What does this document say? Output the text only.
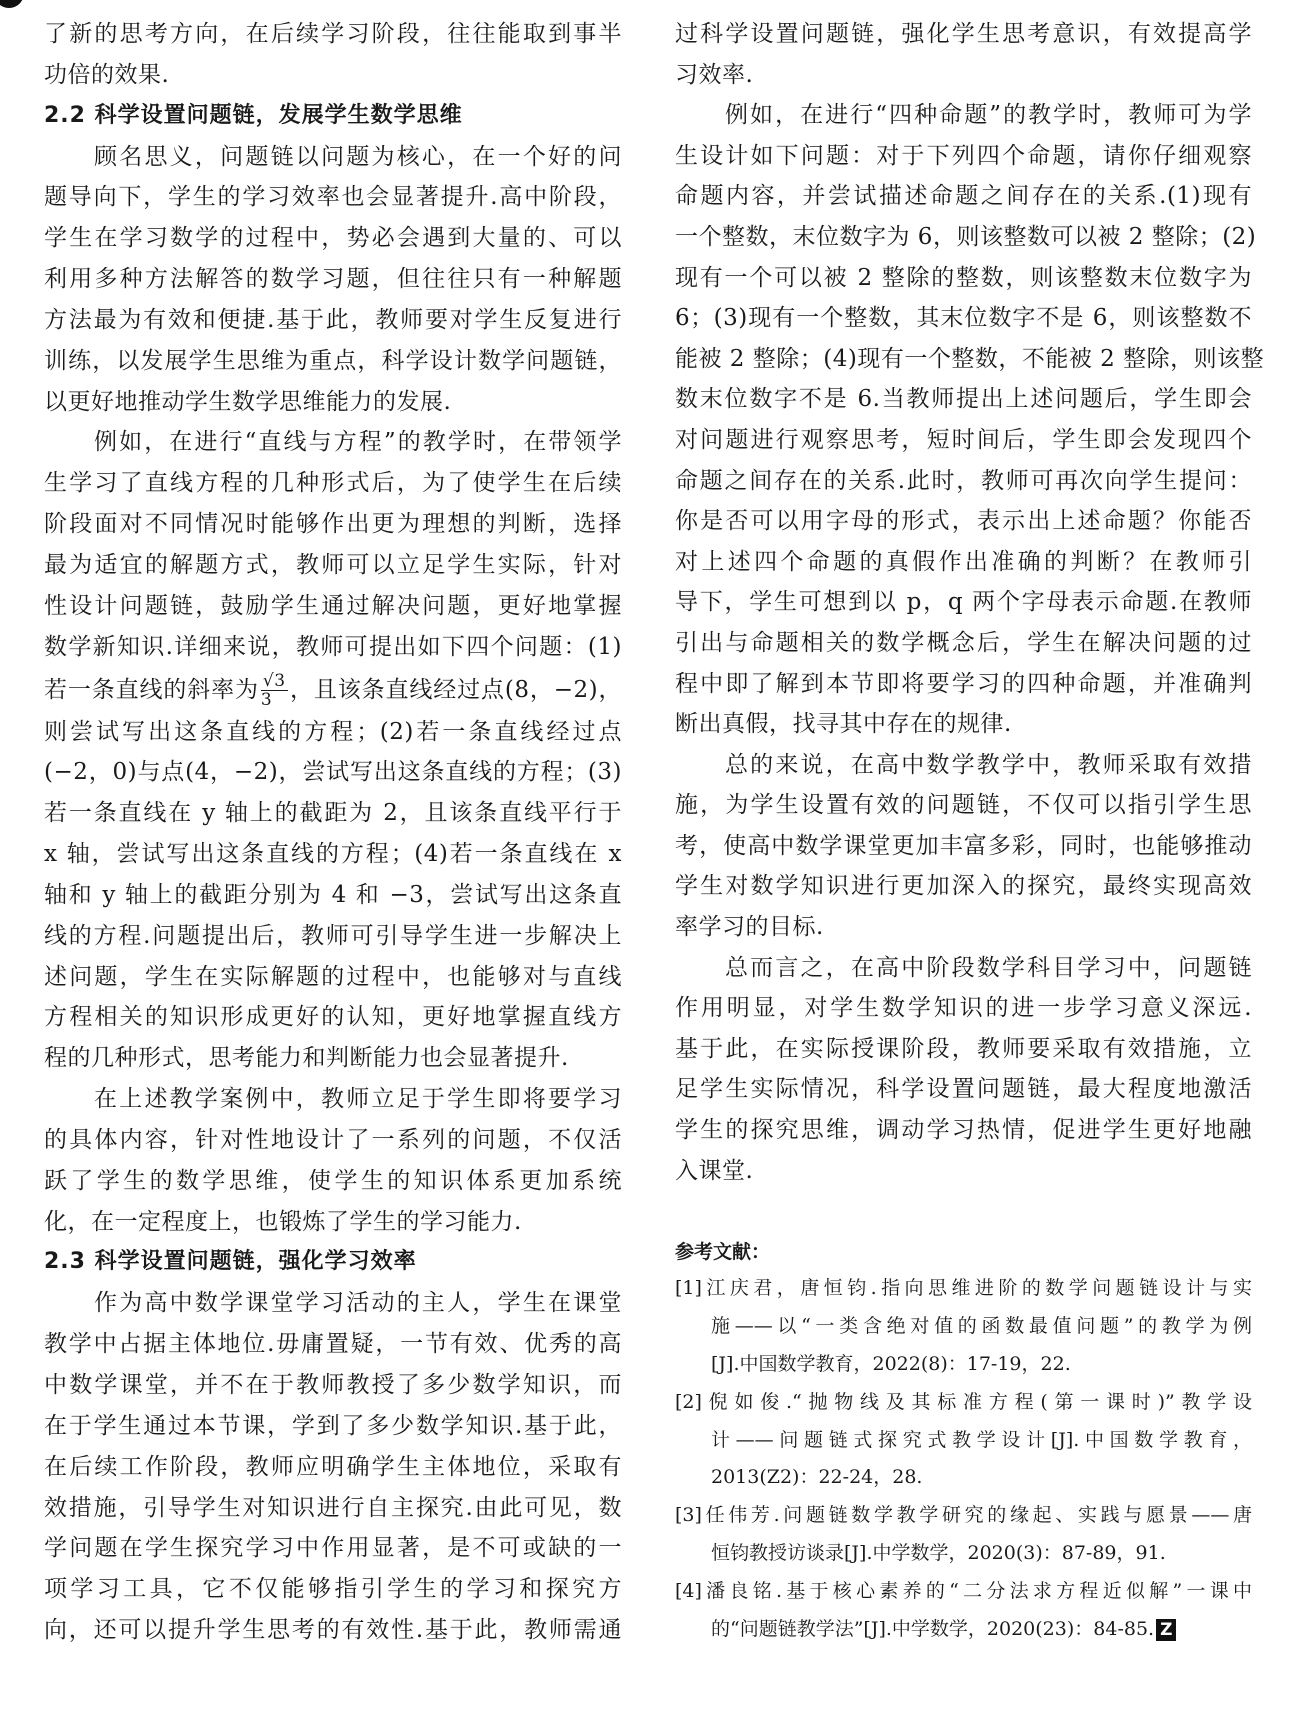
了新的思考方向，在后续学习阶段，往往能取到事半
功倍的效果.
2.2 科学设置问题链，发展学生数学思维
顾名思义，问题链以问题为核心，在一个好的问
题导向下，学生的学习效率也会显著提升.高中阶段，
学生在学习数学的过程中，势必会遇到大量的、可以
利用多种方法解答的数学习题，但往往只有一种解题
方法最为有效和便捷.基于此，教师要对学生反复进行
训练，以发展学生思维为重点，科学设计数学问题链，
以更好地推动学生数学思维能力的发展.
例如，在进行“直线与方程”的教学时，在带领学
生学习了直线方程的几种形式后，为了使学生在后续
阶段面对不同情况时能够作出更为理想的判断，选择
最为适宜的解题方式，教师可以立足学生实际，针对
性设计问题链，鼓励学生通过解决问题，更好地掌握
数学新知识.详细来说，教师可提出如下四个问题：(1)
若一条直线的斜率为 $\frac{√3}{3}$ ，且该条直线经过点(8，−2)，
则尝试写出这条直线的方程；(2)若一条直线经过点
(−2，0)与点(4，−2)，尝试写出这条直线的方程；(3)
若一条直线在 y 轴上的截距为 2，且该条直线平行于
x 轴，尝试写出这条直线的方程；(4)若一条直线在 x
轴和 y 轴上的截距分别为 4 和 −3，尝试写出这条直
线的方程.问题提出后，教师可引导学生进一步解决上
述问题，学生在实际解题的过程中，也能够对与直线
方程相关的知识形成更好的认知，更好地掌握直线方
程的几种形式，思考能力和判断能力也会显著提升.
在上述教学案例中，教师立足于学生即将要学习
的具体内容，针对性地设计了一系列的问题，不仅活
跃了学生的数学思维，使学生的知识体系更加系统
化，在一定程度上，也锻炼了学生的学习能力.
2.3 科学设置问题链，强化学习效率
作为高中数学课堂学习活动的主人，学生在课堂
教学中占据主体地位.毋庸置疑，一节有效、优秀的高
中数学课堂，并不在于教师教授了多少数学知识，而
在于学生通过本节课，学到了多少数学知识.基于此，
在后续工作阶段，教师应明确学生主体地位，采取有
效措施，引导学生对知识进行自主探究.由此可见，数
学问题在学生探究学习中作用显著，是不可或缺的一
项学习工具，它不仅能够指引学生的学习和探究方
向，还可以提升学生思考的有效性.基于此，教师需通
过科学设置问题链，强化学生思考意识，有效提高学
习效率.
例如，在进行“四种命题”的教学时，教师可为学
生设计如下问题：对于下列四个命题，请你仔细观察
命题内容，并尝试描述命题之间存在的关系.(1)现有
一个整数，末位数字为 6，则该整数可以被 2 整除；(2)
现有一个可以被 2 整除的整数，则该整数末位数字为
6；(3)现有一个整数，其末位数字不是 6，则该整数不
能被 2 整除；(4)现有一个整数，不能被 2 整除，则该整
数末位数字不是 6.当教师提出上述问题后，学生即会
对问题进行观察思考，短时间后，学生即会发现四个
命题之间存在的关系.此时，教师可再次向学生提问：
你是否可以用字母的形式，表示出上述命题？你能否
对上述四个命题的真假作出准确的判断？在教师引
导下，学生可想到以 p，q 两个字母表示命题.在教师
引出与命题相关的数学概念后，学生在解决问题的过
程中即了解到本节即将要学习的四种命题，并准确判
断出真假，找寻其中存在的规律.
总的来说，在高中数学教学中，教师采取有效措
施，为学生设置有效的问题链，不仅可以指引学生思
考，使高中数学课堂更加丰富多彩，同时，也能够推动
学生对数学知识进行更加深入的探究，最终实现高效
率学习的目标.
总而言之，在高中阶段数学科目学习中，问题链
作用明显，对学生数学知识的进一步学习意义深远.
基于此，在实际授课阶段，教师要采取有效措施，立
足学生实际情况，科学设置问题链，最大程度地激活
学生的探究思维，调动学习热情，促进学生更好地融
入课堂.
参考文献：
[1]江庆君，唐恒钧.指向思维进阶的数学问题链设计与实
施——以“一类含绝对值的函数最值问题”的教学为例
[J].中国数学教育，2022(8)：17-19，22.
[2]倪如俊.“抛物线及其标准方程(第一课时)”教学设
计——问题链式探究式教学设计[J].中国数学教育，
2013(Z2)：22-24，28.
[3]任伟芳.问题链数学教学研究的缘起、实践与愿景——唐
恒钧教授访谈录[J].中学数学，2020(3)：87-89，91.
[4]潘良铭.基于核心素养的“二分法求方程近似解”一课中
的“问题链教学法”[J].中学数学，2020(23)：84-85. Z
